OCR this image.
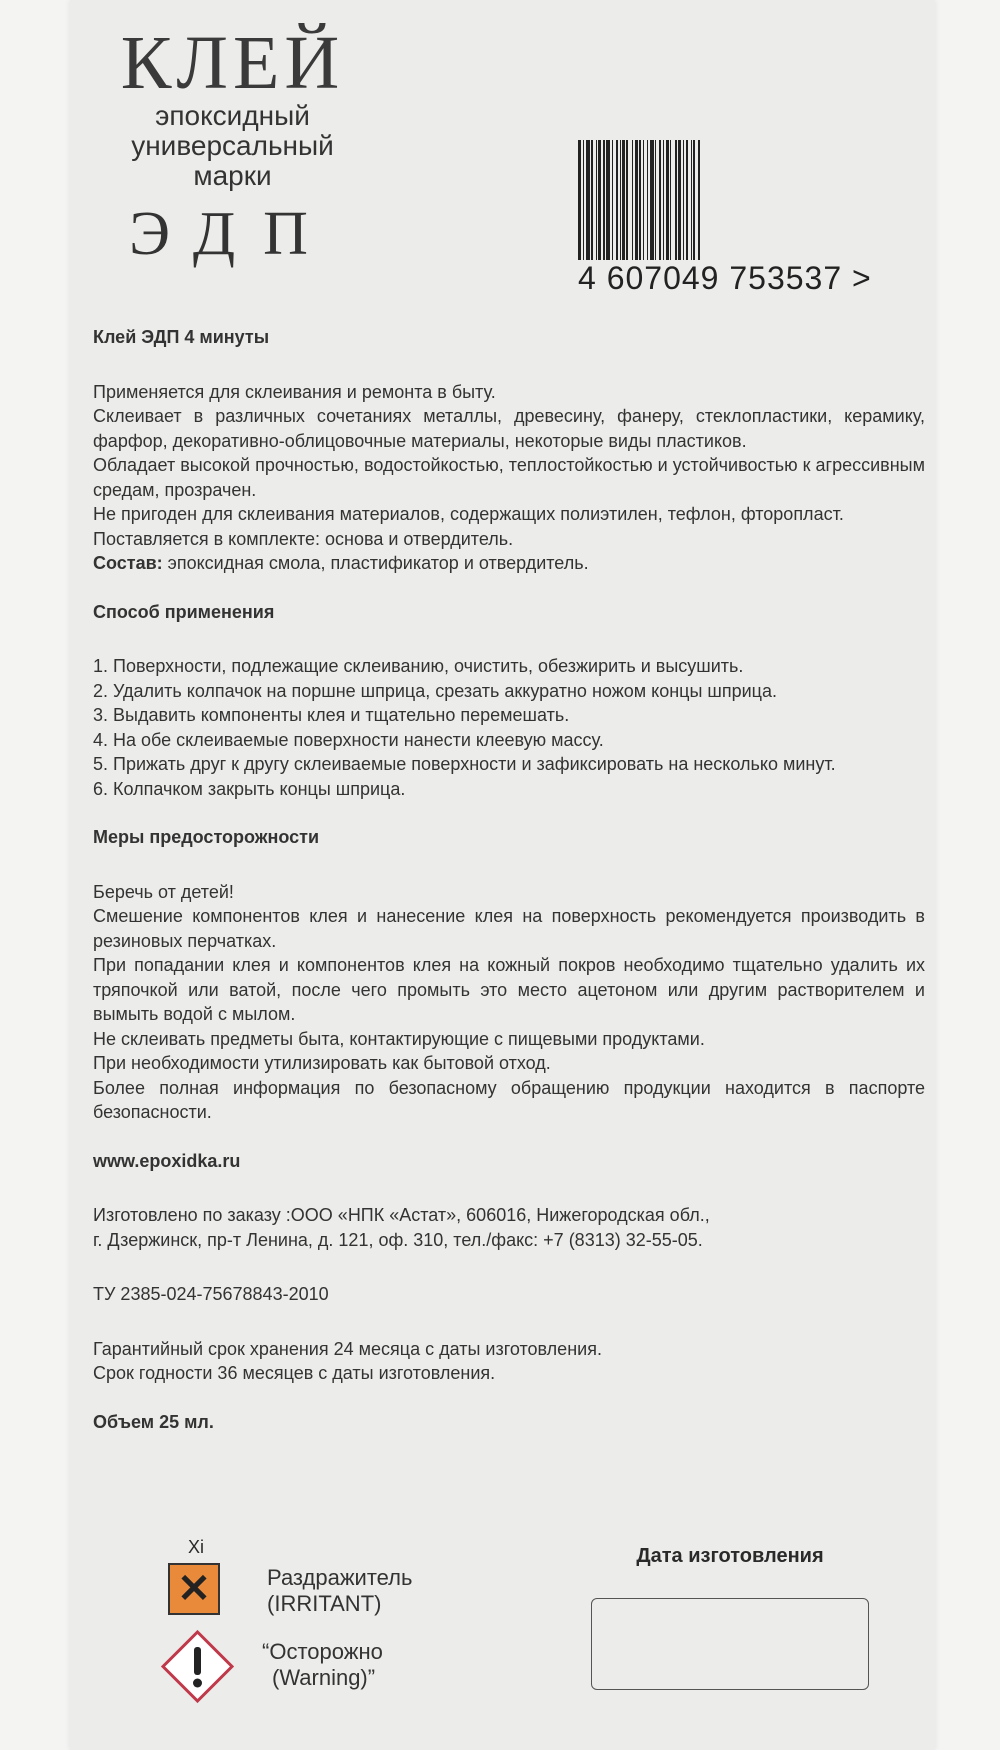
КЛЕЙ
эпоксидный
универсальный
марки
ЭДП
4 607049 753537 >
Клей ЭДП 4 минуты
Применяется для склеивания и ремонта в быту.
Склеивает в различных сочетаниях металлы, древесину, фанеру, стеклопластики, керамику, фарфор, декоративно-облицовочные материалы, некоторые виды пластиков.
Обладает высокой прочностью, водостойкостью, теплостойкостью и устойчивостью к агрессивным средам, прозрачен.
Не пригоден для склеивания материалов, содержащих полиэтилен, тефлон, фторопласт.
Поставляется в комплекте: основа и отвердитель.
Состав: эпоксидная смола, пластификатор и отвердитель.
Способ применения
1. Поверхности, подлежащие склеиванию, очистить, обезжирить и высушить.
2. Удалить колпачок на поршне шприца, срезать аккуратно ножом концы шприца.
3. Выдавить компоненты клея и тщательно перемешать.
4. На обе склеиваемые поверхности нанести клеевую массу.
5. Прижать друг к другу склеиваемые поверхности и зафиксировать на несколько минут.
6. Колпачком закрыть концы шприца.
Меры предосторожности
Беречь от детей!
Смешение компонентов клея и нанесение клея на поверхность рекомендуется производить в резиновых перчатках.
При попадании клея и компонентов клея на кожный покров необходимо тщательно удалить их тряпочкой или ватой, после чего промыть это место ацетоном или другим растворителем и вымыть водой с мылом.
Не склеивать предметы быта, контактирующие с пищевыми продуктами.
При необходимости утилизировать как бытовой отход.
Более полная информация по безопасному обращению продукции находится в паспорте безопасности.
www.epoxidka.ru
Изготовлено по заказу :ООО «НПК «Астат», 606016, Нижегородская обл.,
г. Дзержинск, пр-т Ленина, д. 121, оф. 310, тел./факс: +7 (8313) 32-55-05.
ТУ 2385-024-75678843-2010
Гарантийный срок хранения 24 месяца с даты изготовления.
Срок годности 36 месяцев с даты изготовления.
Объем 25 мл.
Xi
✕	Раздражитель
(IRRITANT)
“Осторожно
(Warning)”
Дата изготовления
